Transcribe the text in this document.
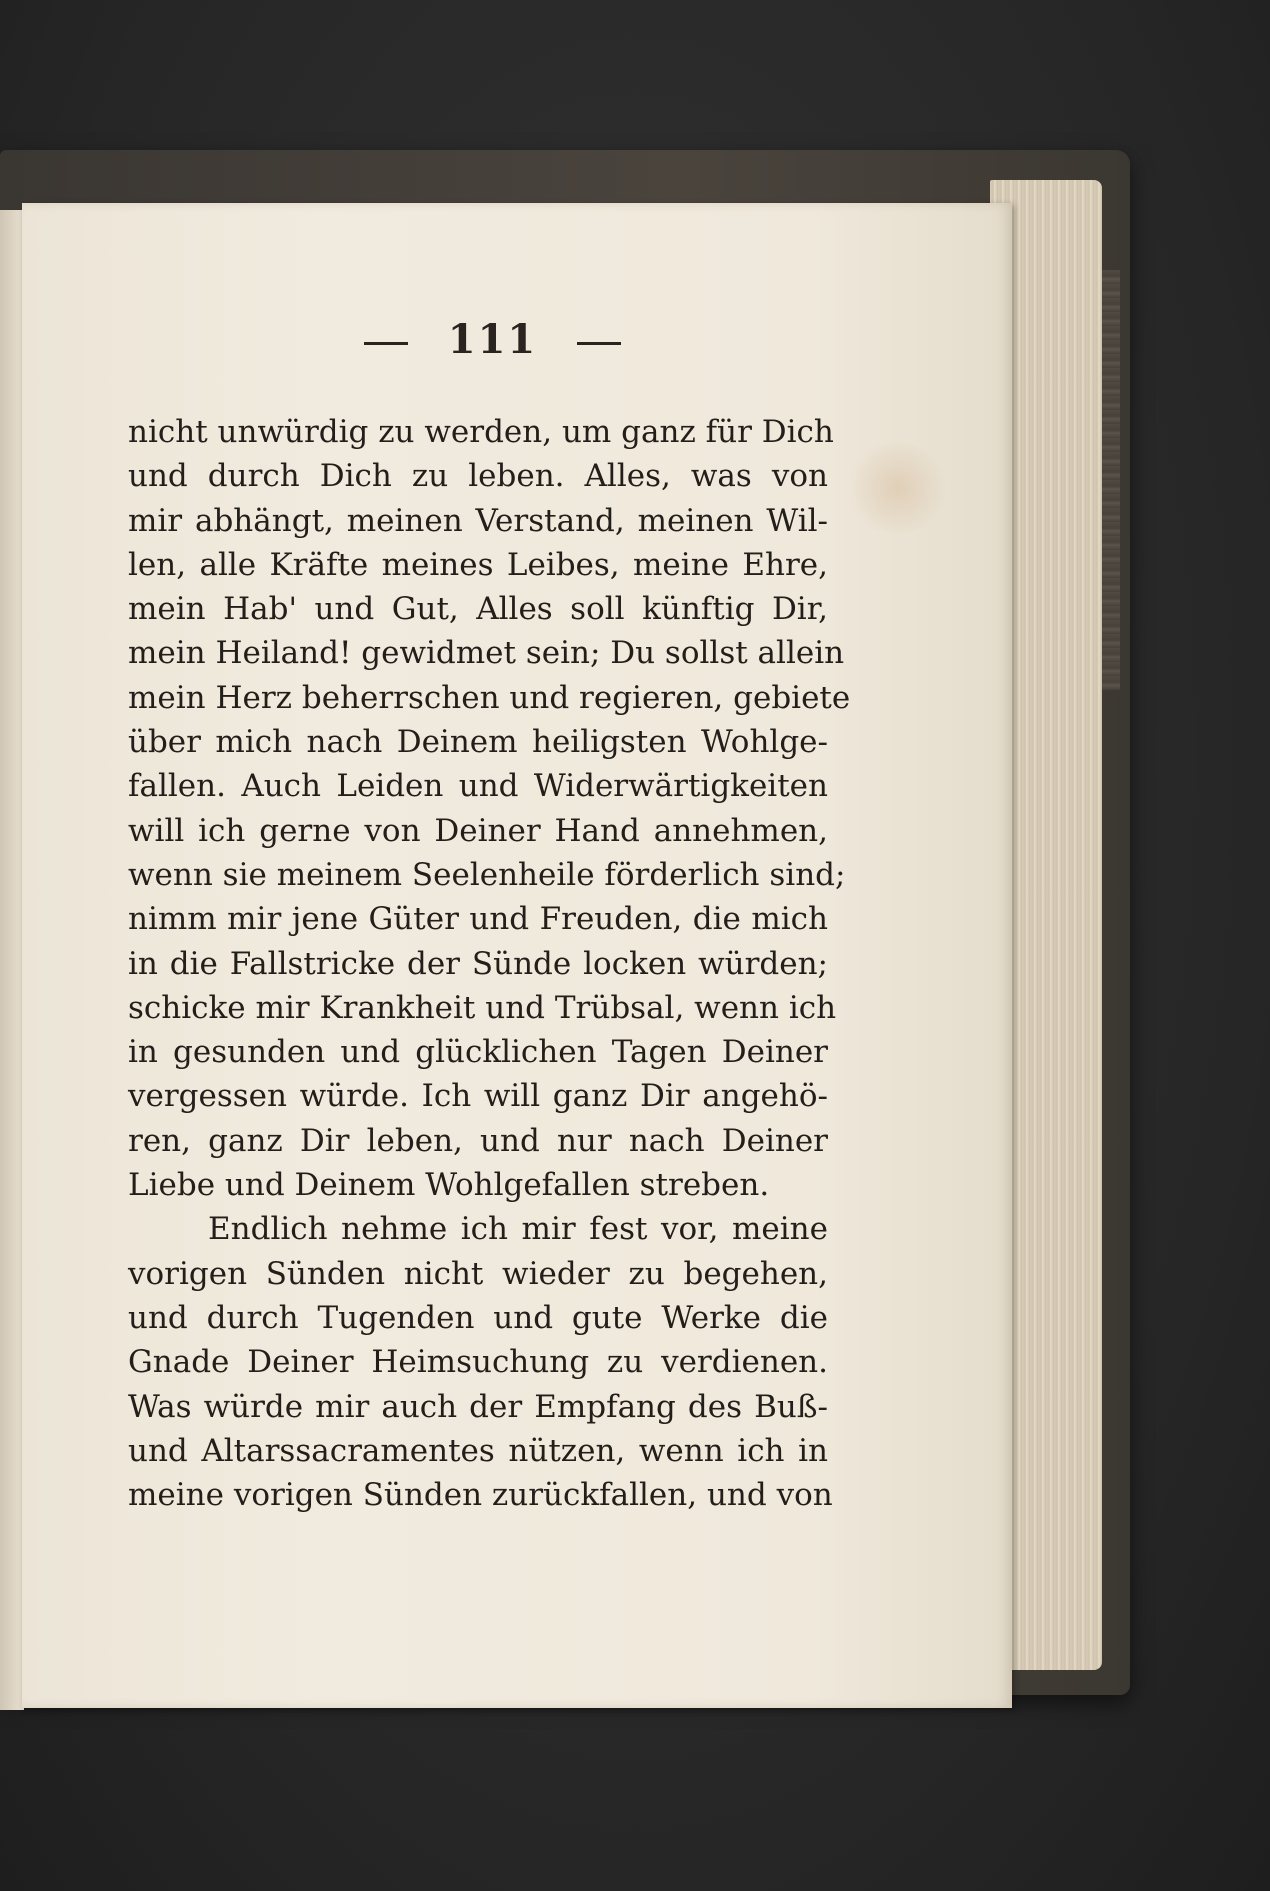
111
nicht unwürdig zu werden, um ganz für Dich
und durch Dich zu leben. Alles, was von
mir abhängt, meinen Verstand, meinen Wil-
len, alle Kräfte meines Leibes, meine Ehre,
mein Hab' und Gut, Alles soll künftig Dir,
mein Heiland! gewidmet sein; Du sollst allein
mein Herz beherrschen und regieren, gebiete
über mich nach Deinem heiligsten Wohlge-
fallen. Auch Leiden und Widerwärtigkeiten
will ich gerne von Deiner Hand annehmen,
wenn sie meinem Seelenheile förderlich sind;
nimm mir jene Güter und Freuden, die mich
in die Fallstricke der Sünde locken würden;
schicke mir Krankheit und Trübsal, wenn ich
in gesunden und glücklichen Tagen Deiner
vergessen würde. Ich will ganz Dir angehö-
ren, ganz Dir leben, und nur nach Deiner
Liebe und Deinem Wohlgefallen streben.
Endlich nehme ich mir fest vor, meine
vorigen Sünden nicht wieder zu begehen,
und durch Tugenden und gute Werke die
Gnade Deiner Heimsuchung zu verdienen.
Was würde mir auch der Empfang des Buß-
und Altarssacramentes nützen, wenn ich in
meine vorigen Sünden zurückfallen, und von
